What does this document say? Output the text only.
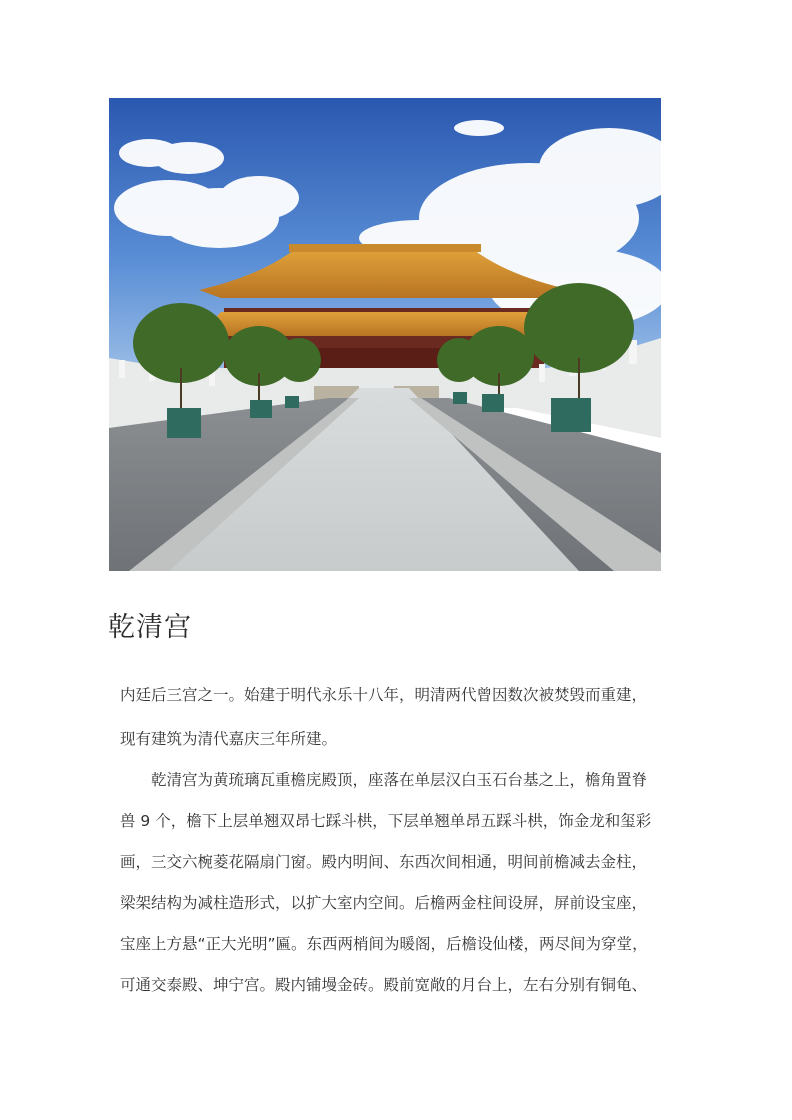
乾清宫
内廷后三宫之一。始建于明代永乐十八年，明清两代曾因数次被焚毁而重建，
现有建筑为清代嘉庆三年所建。
乾清宫为黄琉璃瓦重檐庑殿顶，座落在单层汉白玉石台基之上，檐角置脊
兽 9 个，檐下上层单翘双昂七踩斗栱，下层单翘单昂五踩斗栱，饰金龙和玺彩
画，三交六椀菱花隔扇门窗。殿内明间、东西次间相通，明间前檐减去金柱，
梁架结构为减柱造形式，以扩大室内空间。后檐两金柱间设屏，屏前设宝座，
宝座上方悬“正大光明”匾。东西两梢间为暖阁，后檐设仙楼，两尽间为穿堂，
可通交泰殿、坤宁宫。殿内铺墁金砖。殿前宽敞的月台上，左右分别有铜龟、
